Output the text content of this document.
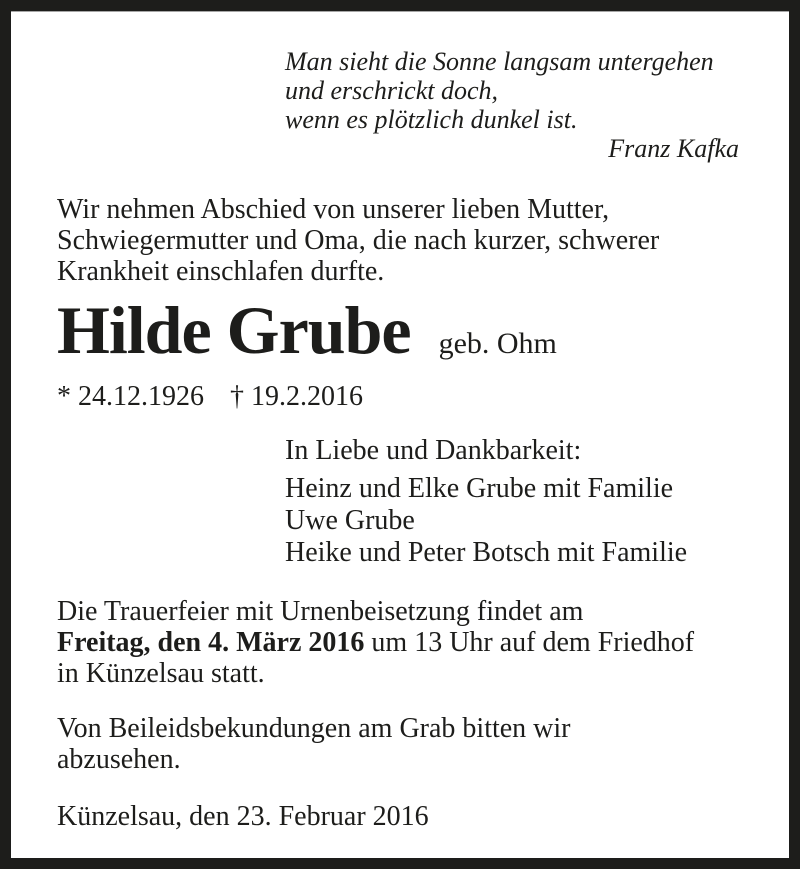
Man sieht die Sonne langsam untergehen
und erschrickt doch,
wenn es plötzlich dunkel ist.
Franz Kafka
Wir nehmen Abschied von unserer lieben Mutter,
Schwiegermutter und Oma, die nach kurzer, schwerer
Krankheit einschlafen durfte.
Hilde Grube geb. Ohm
* 24.12.1926 † 19.2.2016
In Liebe und Dankbarkeit:
Heinz und Elke Grube mit Familie
Uwe Grube
Heike und Peter Botsch mit Familie
Die Trauerfeier mit Urnenbeisetzung findet am
Freitag, den 4. März 2016 um 13 Uhr auf dem Friedhof
in Künzelsau statt.
Von Beileidsbekundungen am Grab bitten wir
abzusehen.
Künzelsau, den 23. Februar 2016
